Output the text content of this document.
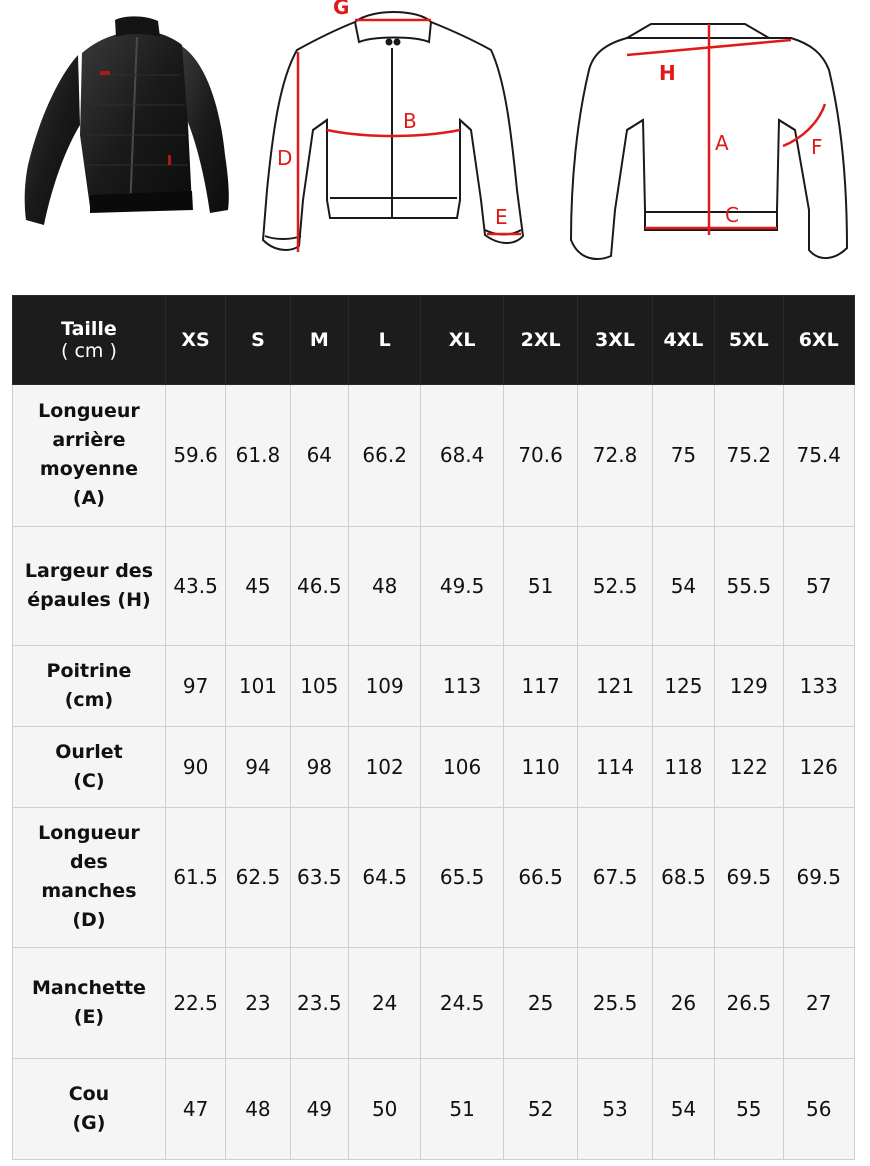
G
B
D
E
H
A
C
F
Taille
( cm )	XS	S	M	L	XL	2XL	3XL	4XL	5XL	6XL

Longueur
arrière
moyenne
(A)	59.6	61.8	64	66.2	68.4	70.6	72.8	75	75.2	75.4

Largeur des
épaules (H)	43.5	45	46.5	48	49.5	51	52.5	54	55.5	57

Poitrine
(cm)	97	101	105	109	113	117	121	125	129	133

Ourlet
(C)	90	94	98	102	106	110	114	118	122	126

Longueur
des
manches
(D)	61.5	62.5	63.5	64.5	65.5	66.5	67.5	68.5	69.5	69.5

Manchette
(E)	22.5	23	23.5	24	24.5	25	25.5	26	26.5	27

Cou
(G)	47	48	49	50	51	52	53	54	55	56
